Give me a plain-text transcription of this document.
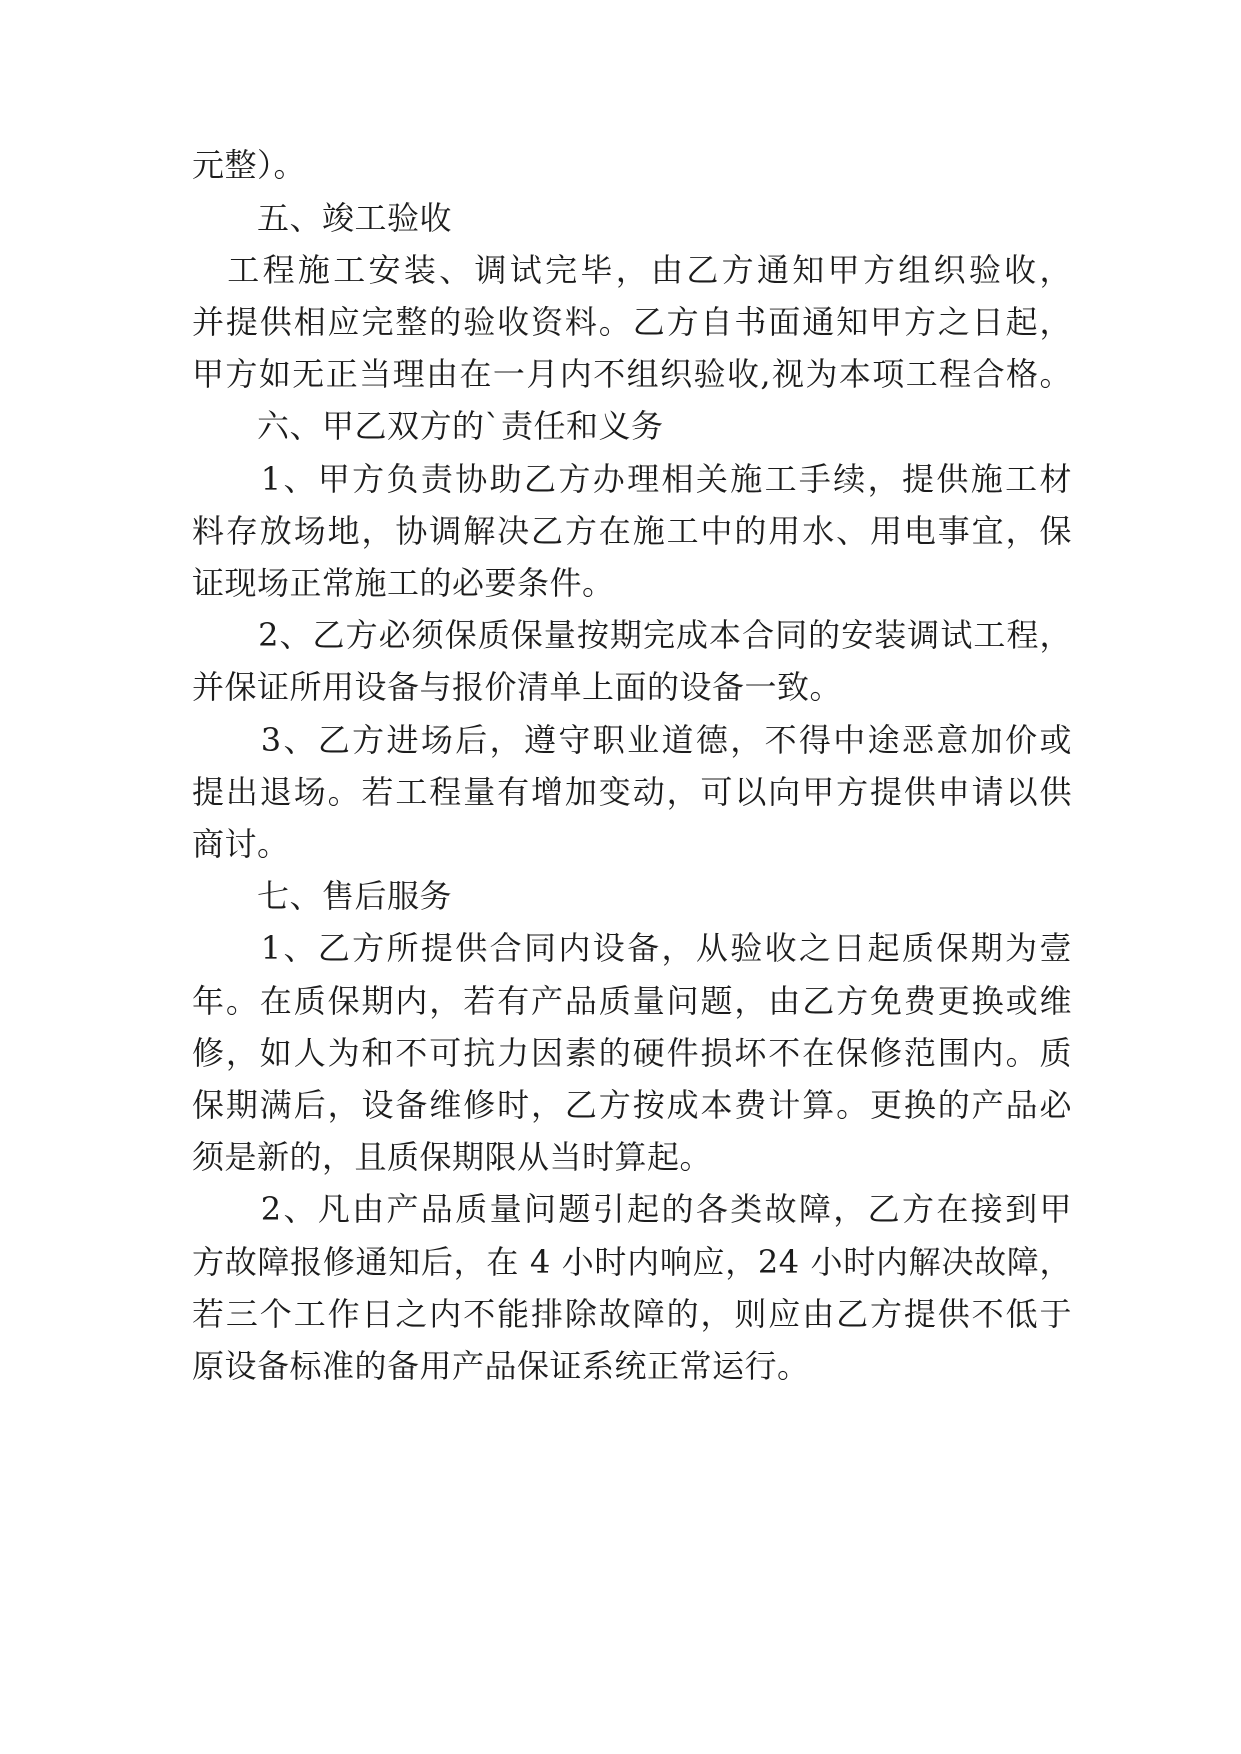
元整）。
　　五、竣工验收
　工程施工安装、调试完毕，由乙方通知甲方组织验收，
并提供相应完整的验收资料。乙方自书面通知甲方之日起，
甲方如无正当理由在一月内不组织验收,视为本项工程合格。
　　六、甲乙双方的`责任和义务
　　1、甲方负责协助乙方办理相关施工手续，提供施工材
料存放场地，协调解决乙方在施工中的用水、用电事宜，保
证现场正常施工的必要条件。
　　2、乙方必须保质保量按期完成本合同的安装调试工程，
并保证所用设备与报价清单上面的设备一致。
　　3、乙方进场后，遵守职业道德，不得中途恶意加价或
提出退场。若工程量有增加变动，可以向甲方提供申请以供
商讨。
　　七、售后服务
　　1、乙方所提供合同内设备，从验收之日起质保期为壹
年。在质保期内，若有产品质量问题，由乙方免费更换或维
修，如人为和不可抗力因素的硬件损坏不在保修范围内。质
保期满后，设备维修时，乙方按成本费计算。更换的产品必
须是新的，且质保期限从当时算起。
　　2、凡由产品质量问题引起的各类故障，乙方在接到甲
方故障报修通知后，在 4 小时内响应，24 小时内解决故障，
若三个工作日之内不能排除故障的，则应由乙方提供不低于
原设备标准的备用产品保证系统正常运行。
